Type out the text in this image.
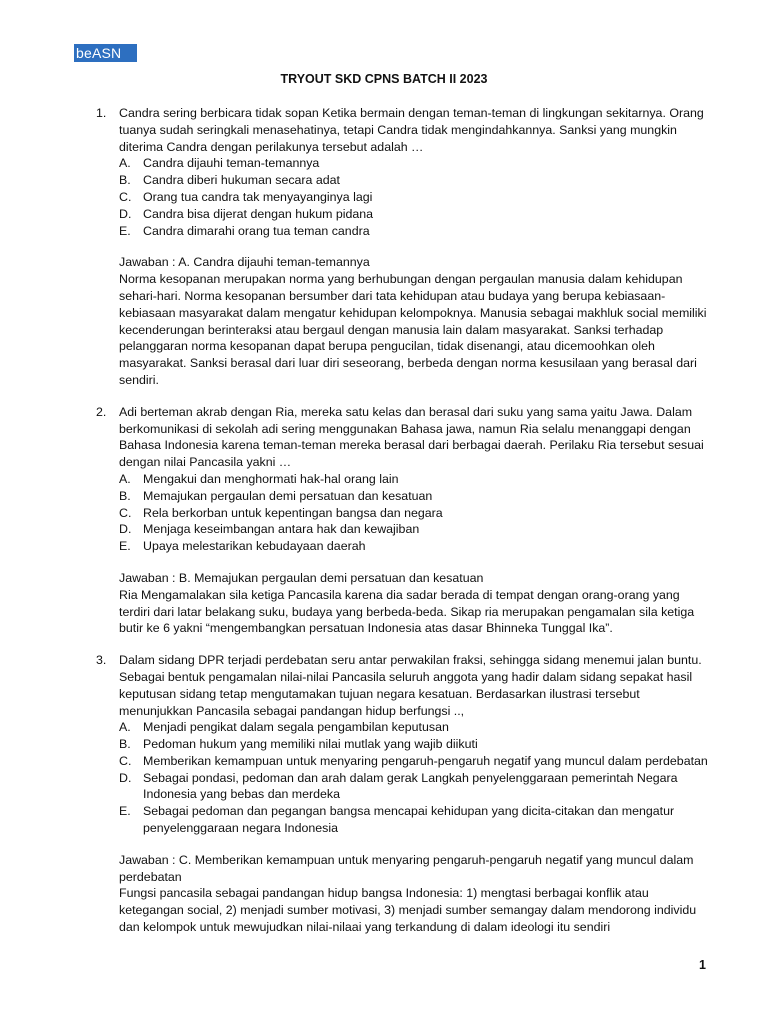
beASN
TRYOUT SKD CPNS BATCH II 2023
1. Candra sering berbicara tidak sopan Ketika bermain dengan teman-teman di lingkungan sekitarnya. Orang tuanya sudah seringkali menasehatinya, tetapi Candra tidak mengindahkannya. Sanksi yang mungkin diterima Candra dengan perilakunya tersebut adalah …
A. Candra dijauhi teman-temannya
B. Candra diberi hukuman secara adat
C. Orang tua candra tak menyayanginya lagi
D. Candra bisa dijerat dengan hukum pidana
E. Candra dimarahi orang tua teman candra
Jawaban : A. Candra dijauhi teman-temannya
Norma kesopanan merupakan norma yang berhubungan dengan pergaulan manusia dalam kehidupan sehari-hari. Norma kesopanan bersumber dari tata kehidupan atau budaya yang berupa kebiasaan-kebiasaan masyarakat dalam mengatur kehidupan kelompoknya. Manusia sebagai makhluk social memiliki kecenderungan berinteraksi atau bergaul dengan manusia lain dalam masyarakat. Sanksi terhadap pelanggaran norma kesopanan dapat berupa pengucilan, tidak disenangi, atau dicemoohkan oleh masyarakat. Sanksi berasal dari luar diri seseorang, berbeda dengan norma kesusilaan yang berasal dari sendiri.
2. Adi berteman akrab dengan Ria, mereka satu kelas dan berasal dari suku yang sama yaitu Jawa. Dalam berkomunikasi di sekolah adi sering menggunakan Bahasa jawa, namun Ria selalu menanggapi dengan Bahasa Indonesia karena teman-teman mereka berasal dari berbagai daerah. Perilaku Ria tersebut sesuai dengan nilai Pancasila yakni …
A. Mengakui dan menghormati hak-hal orang lain
B. Memajukan pergaulan demi persatuan dan kesatuan
C. Rela berkorban untuk kepentingan bangsa dan negara
D. Menjaga keseimbangan antara hak dan kewajiban
E. Upaya melestarikan kebudayaan daerah
Jawaban : B. Memajukan pergaulan demi persatuan dan kesatuan
Ria Mengamalakan sila ketiga Pancasila karena dia sadar berada di tempat dengan orang-orang yang terdiri dari latar belakang suku, budaya yang berbeda-beda. Sikap ria merupakan pengamalan sila ketiga butir ke 6 yakni “mengembangkan persatuan Indonesia atas dasar Bhinneka Tunggal Ika”.
3. Dalam sidang DPR terjadi perdebatan seru antar perwakilan fraksi, sehingga sidang menemui jalan buntu. Sebagai bentuk pengamalan nilai-nilai Pancasila seluruh anggota yang hadir dalam sidang sepakat hasil keputusan sidang tetap mengutamakan tujuan negara kesatuan. Berdasarkan ilustrasi tersebut menunjukkan Pancasila sebagai pandangan hidup berfungsi ..,
A. Menjadi pengikat dalam segala pengambilan keputusan
B. Pedoman hukum yang memiliki nilai mutlak yang wajib diikuti
C. Memberikan kemampuan untuk menyaring pengaruh-pengaruh negatif yang muncul dalam perdebatan
D. Sebagai pondasi, pedoman dan arah dalam gerak Langkah penyelenggaraan pemerintah Negara Indonesia yang bebas dan merdeka
E. Sebagai pedoman dan pegangan bangsa mencapai kehidupan yang dicita-citakan dan mengatur penyelenggaraan negara Indonesia
Jawaban : C. Memberikan kemampuan untuk menyaring pengaruh-pengaruh negatif yang muncul dalam perdebatan
Fungsi pancasila sebagai pandangan hidup bangsa Indonesia: 1) mengtasi berbagai konflik atau ketegangan social, 2) menjadi sumber motivasi, 3) menjadi sumber semangay dalam mendorong individu dan kelompok untuk mewujudkan nilai-nilaai yang terkandung di dalam ideologi itu sendiri
1
